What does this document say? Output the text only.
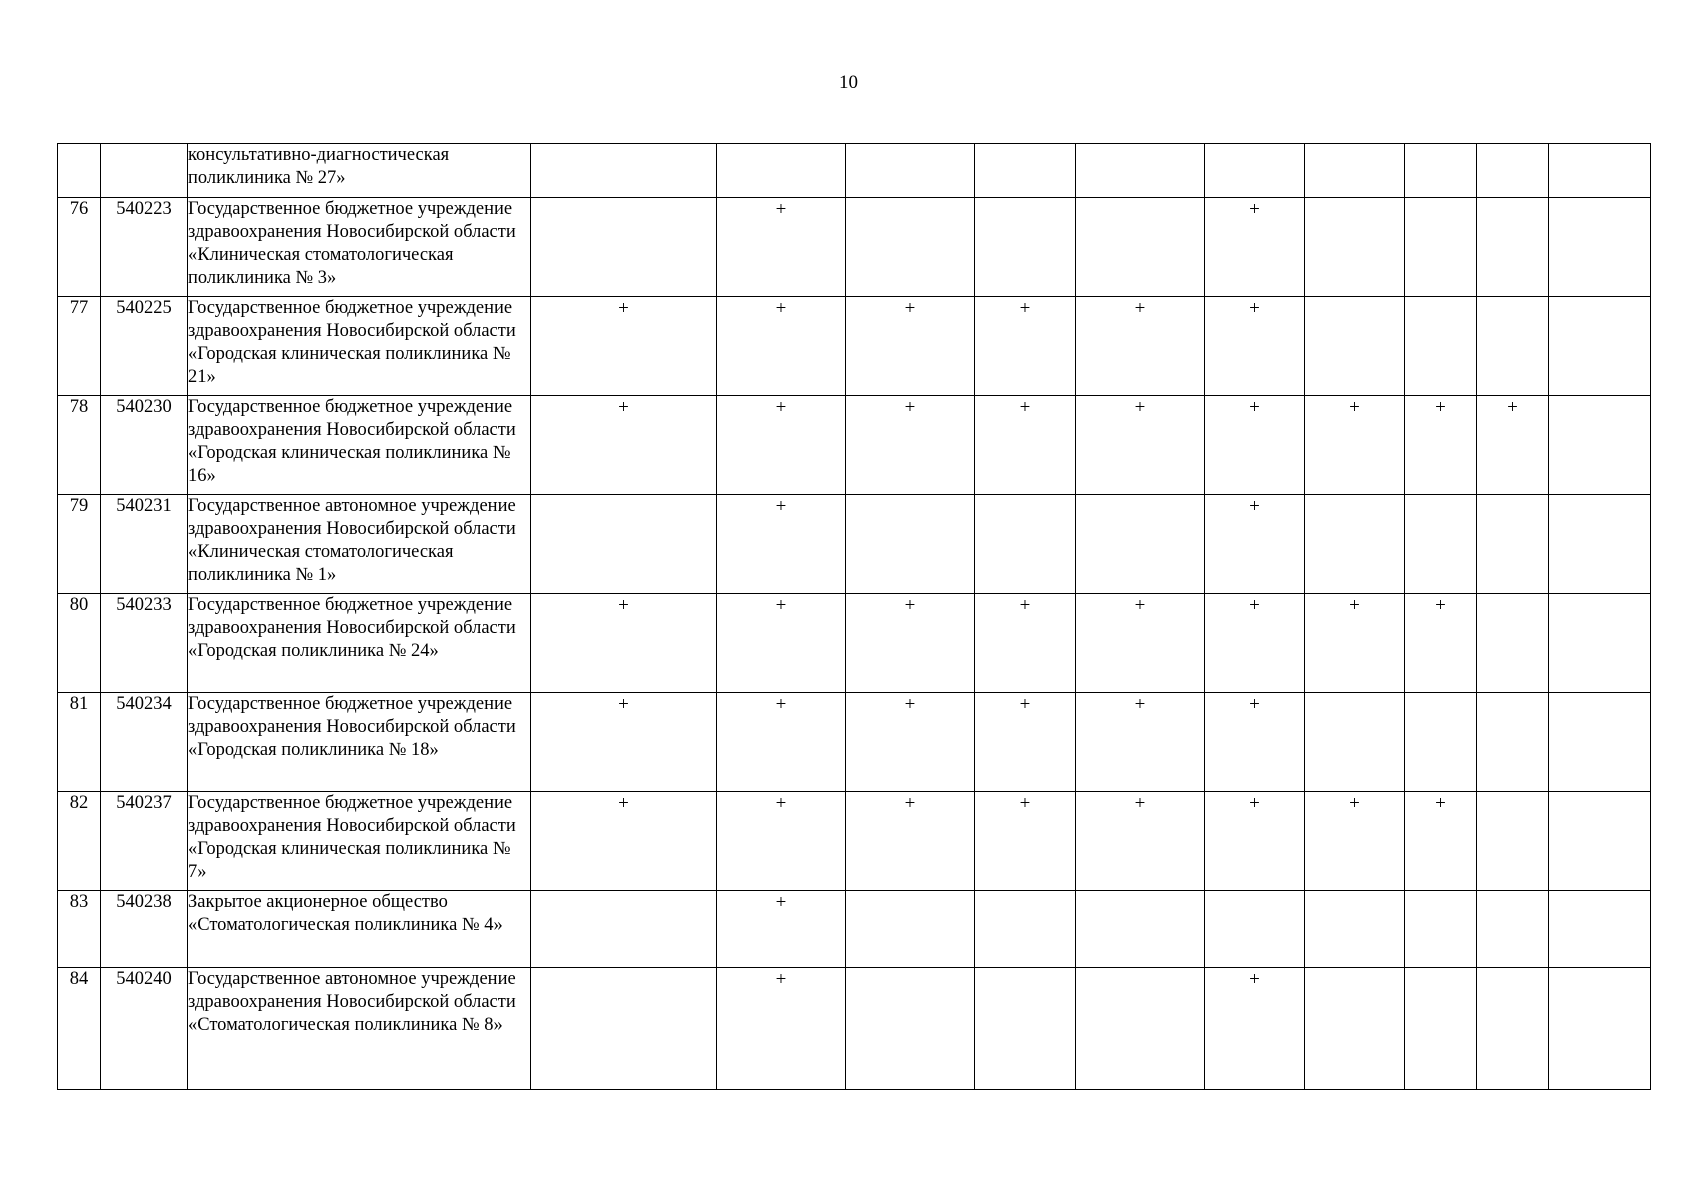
10
		консультативно-диагностическая поликлиника № 27»										
76	540223	Государственное бюджетное учреждение здравоохранения Новосибирской области «Клиническая стоматологическая поликлиника № 3»		+				+				
77	540225	Государственное бюджетное учреждение здравоохранения Новосибирской области «Городская клиническая поликлиника № 21»	+	+	+	+	+	+				
78	540230	Государственное бюджетное учреждение здравоохранения Новосибирской области «Городская клиническая поликлиника № 16»	+	+	+	+	+	+	+	+	+	
79	540231	Государственное автономное учреждение здравоохранения Новосибирской области «Клиническая стоматологическая поликлиника № 1»		+				+				
80	540233	Государственное бюджетное учреждение здравоохранения Новосибирской области «Городская поликлиника № 24»	+	+	+	+	+	+	+	+		
81	540234	Государственное бюджетное учреждение здравоохранения Новосибирской области «Городская поликлиника № 18»	+	+	+	+	+	+				
82	540237	Государственное бюджетное учреждение здравоохранения Новосибирской области «Городская клиническая поликлиника № 7»	+	+	+	+	+	+	+	+		
83	540238	Закрытое акционерное общество «Стоматологическая поликлиника № 4»		+								
84	540240	Государственное автономное учреждение здравоохранения Новосибирской области «Стоматологическая поликлиника № 8»		+				+				
